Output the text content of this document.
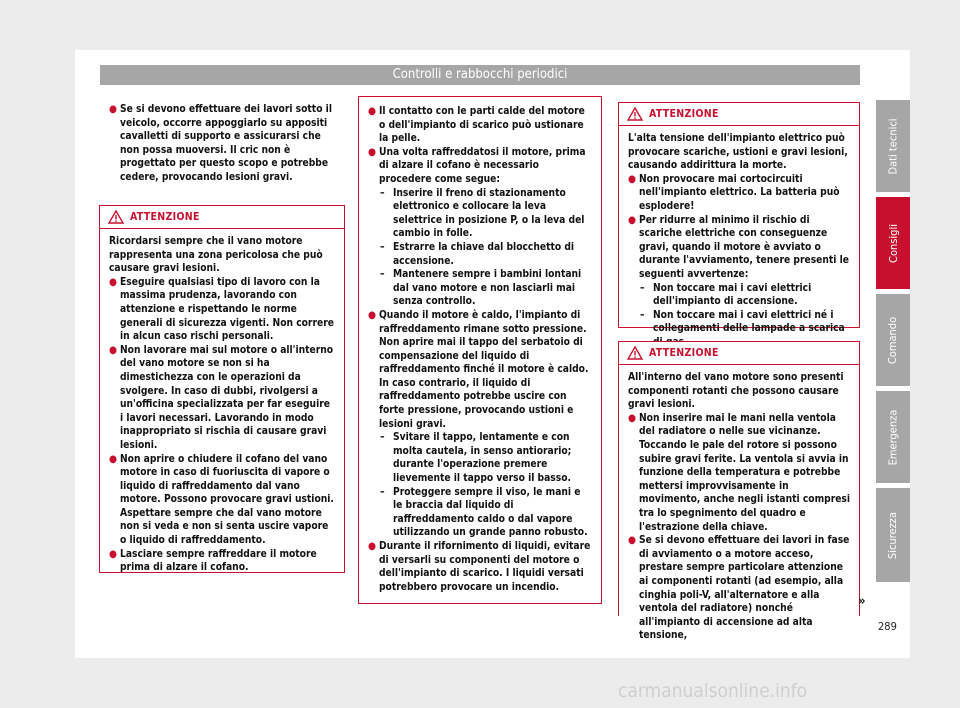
Controlli e rabbocchi periodici
● Se si devono effettuare dei lavori sotto il veicolo, occorre appoggiarlo su appositi cavalletti di supporto e assicurarsi che non possa muoversi. Il cric non è progettato per questo scopo e potrebbe cedere, provocando lesioni gravi.

ATTENZIONE

Ricordarsi sempre che il vano motore rappresenta una zona pericolosa che può causare gravi lesioni.

● Eseguire qualsiasi tipo di lavoro con la massima prudenza, lavorando con attenzione e rispettando le norme generali di sicurezza vigenti. Non correre in alcun caso rischi personali.

● Non lavorare mai sul motore o all'interno del vano motore se non si ha dimestichezza con le operazioni da svolgere. In caso di dubbi, rivolgersi a un'officina specializzata per far eseguire i lavori necessari. Lavorando in modo inappropriato si rischia di causare gravi lesioni.

● Non aprire o chiudere il cofano del vano motore in caso di fuoriuscita di vapore o liquido di raffreddamento dal vano motore. Possono provocare gravi ustioni. Aspettare sempre che dal vano motore non si veda e non si senta uscire vapore o liquido di raffreddamento.

● Lasciare sempre raffreddare il motore prima di alzare il cofano.

● Il contatto con le parti calde del motore o dell'impianto di scarico può ustionare la pelle.

● Una volta raffreddatosi il motore, prima di alzare il cofano è necessario procedere come segue:

– Inserire il freno di stazionamento elettronico e collocare la leva selettrice in posizione P, o la leva del cambio in folle.

– Estrarre la chiave dal blocchetto di accensione.

– Mantenere sempre i bambini lontani dal vano motore e non lasciarli mai senza controllo.

● Quando il motore è caldo, l'impianto di raffreddamento rimane sotto pressione. Non aprire mai il tappo del serbatoio di compensazione del liquido di raffreddamento finché il motore è caldo. In caso contrario, il liquido di raffreddamento potrebbe uscire con forte pressione, provocando ustioni e lesioni gravi.

– Svitare il tappo, lentamente e con molta cautela, in senso antiorario; durante l'operazione premere lievemente il tappo verso il basso.

– Proteggere sempre il viso, le mani e le braccia dal liquido di raffreddamento caldo o dal vapore utilizzando un grande panno robusto.

● Durante il rifornimento di liquidi, evitare di versarli su componenti del motore o dell'impianto di scarico. I liquidi versati potrebbero provocare un incendio.

ATTENZIONE

L'alta tensione dell'impianto elettrico può provocare scariche, ustioni e gravi lesioni, causando addirittura la morte.

● Non provocare mai cortocircuiti nell'impianto elettrico. La batteria può esplodere!

● Per ridurre al minimo il rischio di scariche elettriche con conseguenze gravi, quando il motore è avviato o durante l'avviamento, tenere presenti le seguenti avvertenze:

– Non toccare mai i cavi elettrici dell'impianto di accensione.

– Non toccare mai i cavi elettrici né i collegamenti delle lampade a scarica

ATTENZIONE

All'interno del vano motore sono presenti componenti rotanti che possono causare gravi lesioni.

● Non inserire mai le mani nella ventola del radiatore o nelle sue vicinanze. Toccando le pale del rotore si possono subire gravi ferite. La ventola si avvia in funzione della temperatura e potrebbe mettersi improvvisamente in movimento, anche negli istanti compresi tra lo spegnimento del quadro e l'estrazione della chiave.

● Se si devono effettuare dei lavori in fase di avviamento o a motore acceso, prestare sempre particolare attenzione ai componenti rotanti (ad esempio, alla cinghia poli-V, all'alternatore e alla ventola del radiatore) nonché all'impianto di accensione ad alta tensione,

»
Dati tecnici
Consigli
Comando
Emergenza
Sicurezza
289
carmanualsonline.info
